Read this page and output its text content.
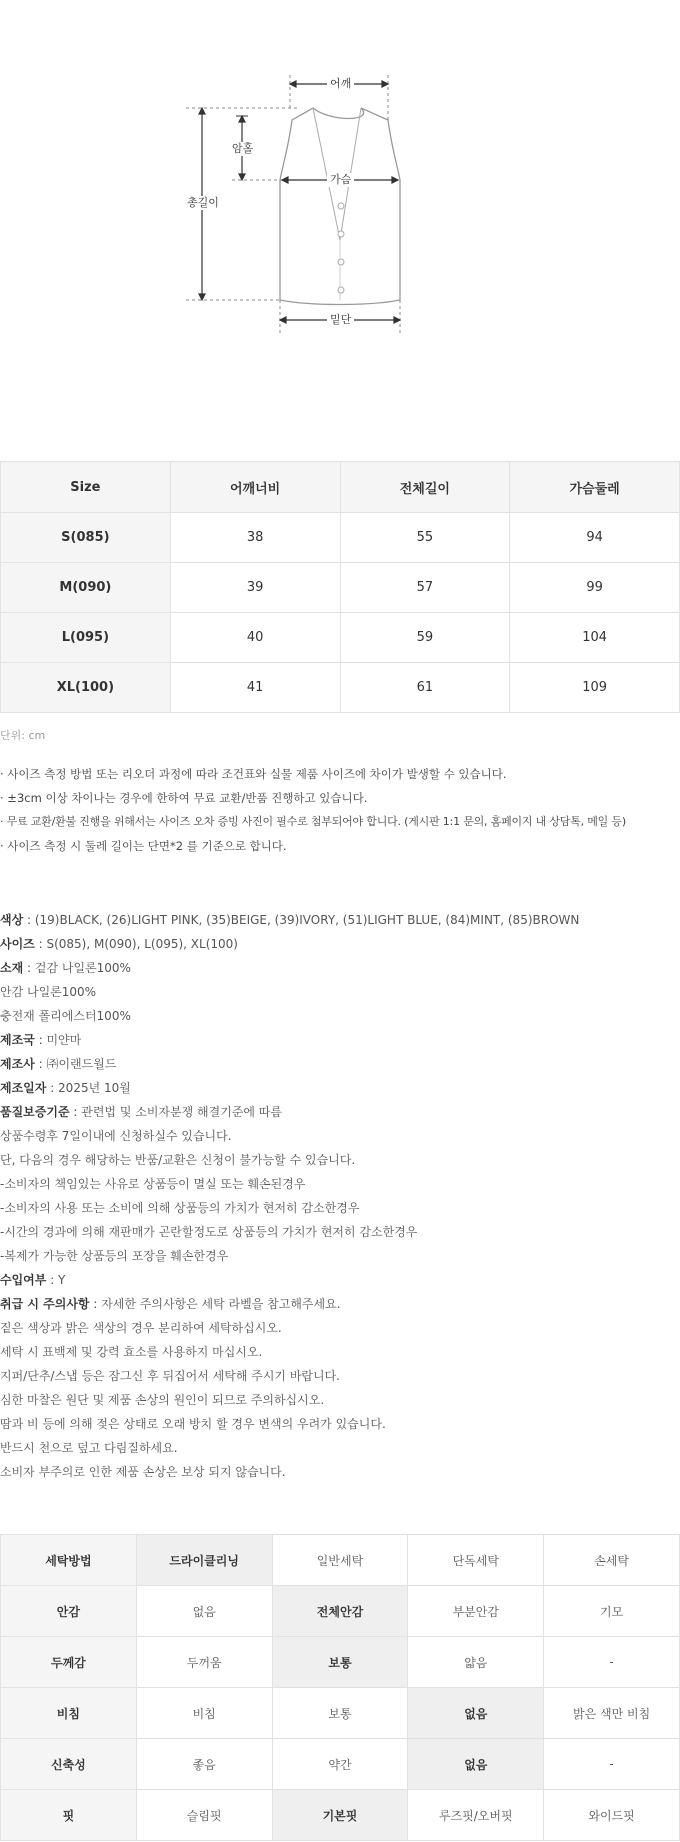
어깨
암홀
가슴
총길이
밑단
Size	어깨너비	전체길이	가슴둘레
S(085)	38	55	94
M(090)	39	57	99
L(095)	40	59	104
XL(100)	41	61	109
단위: cm
· 사이즈 측정 방법 또는 리오더 과정에 따라 조건표와 실물 제품 사이즈에 차이가 발생할 수 있습니다.
· ±3cm 이상 차이나는 경우에 한하여 무료 교환/반품 진행하고 있습니다.
· 무료 교환/환불 진행을 위해서는 사이즈 오차 증빙 사진이 필수로 첨부되어야 합니다. (게시판 1:1 문의, 홈페이지 내 상담톡, 메일 등)
· 사이즈 측정 시 둘레 길이는 단면*2 를 기준으로 합니다.
색상 : (19)BLACK, (26)LIGHT PINK, (35)BEIGE, (39)IVORY, (51)LIGHT BLUE, (84)MINT, (85)BROWN
사이즈 : S(085), M(090), L(095), XL(100)
소재 : 겉감 나일론100%
안감 나일론100%
충전재 폴리에스터100%
제조국 : 미얀마
제조사 : ㈜이랜드월드
제조일자 : 2025년 10월
품질보증기준 : 관련법 및 소비자분쟁 해결기준에 따름
상품수령후 7일이내에 신청하실수 있습니다.
단, 다음의 경우 해당하는 반품/교환은 신청이 불가능할 수 있습니다.
-소비자의 책임있는 사유로 상품등이 멸실 또는 훼손된경우
-소비자의 사용 또는 소비에 의해 상품등의 가치가 현저히 감소한경우
-시간의 경과에 의해 재판매가 곤란할정도로 상품등의 가치가 현저히 감소한경우
-복제가 가능한 상품등의 포장을 훼손한경우
수입여부 : Y
취급 시 주의사항 : 자세한 주의사항은 세탁 라벨을 참고해주세요.
짙은 색상과 밝은 색상의 경우 분리하여 세탁하십시오.
세탁 시 표백제 및 강력 효소를 사용하지 마십시오.
지퍼/단추/스냅 등은 잠그신 후 뒤집어서 세탁해 주시기 바랍니다.
심한 마찰은 원단 및 제품 손상의 원인이 되므로 주의하십시오.
땀과 비 등에 의해 젖은 상태로 오래 방치 할 경우 변색의 우려가 있습니다.
반드시 천으로 덮고 다림질하세요.
소비자 부주의로 인한 제품 손상은 보상 되지 않습니다.
세탁방법	드라이클리닝	일반세탁	단독세탁	손세탁
안감	없음	전체안감	부분안감	기모
두께감	두꺼움	보통	얇음	-
비침	비침	보통	없음	밝은 색만 비침
신축성	좋음	약간	없음	-
핏	슬림핏	기본핏	루즈핏/오버핏	와이드핏
